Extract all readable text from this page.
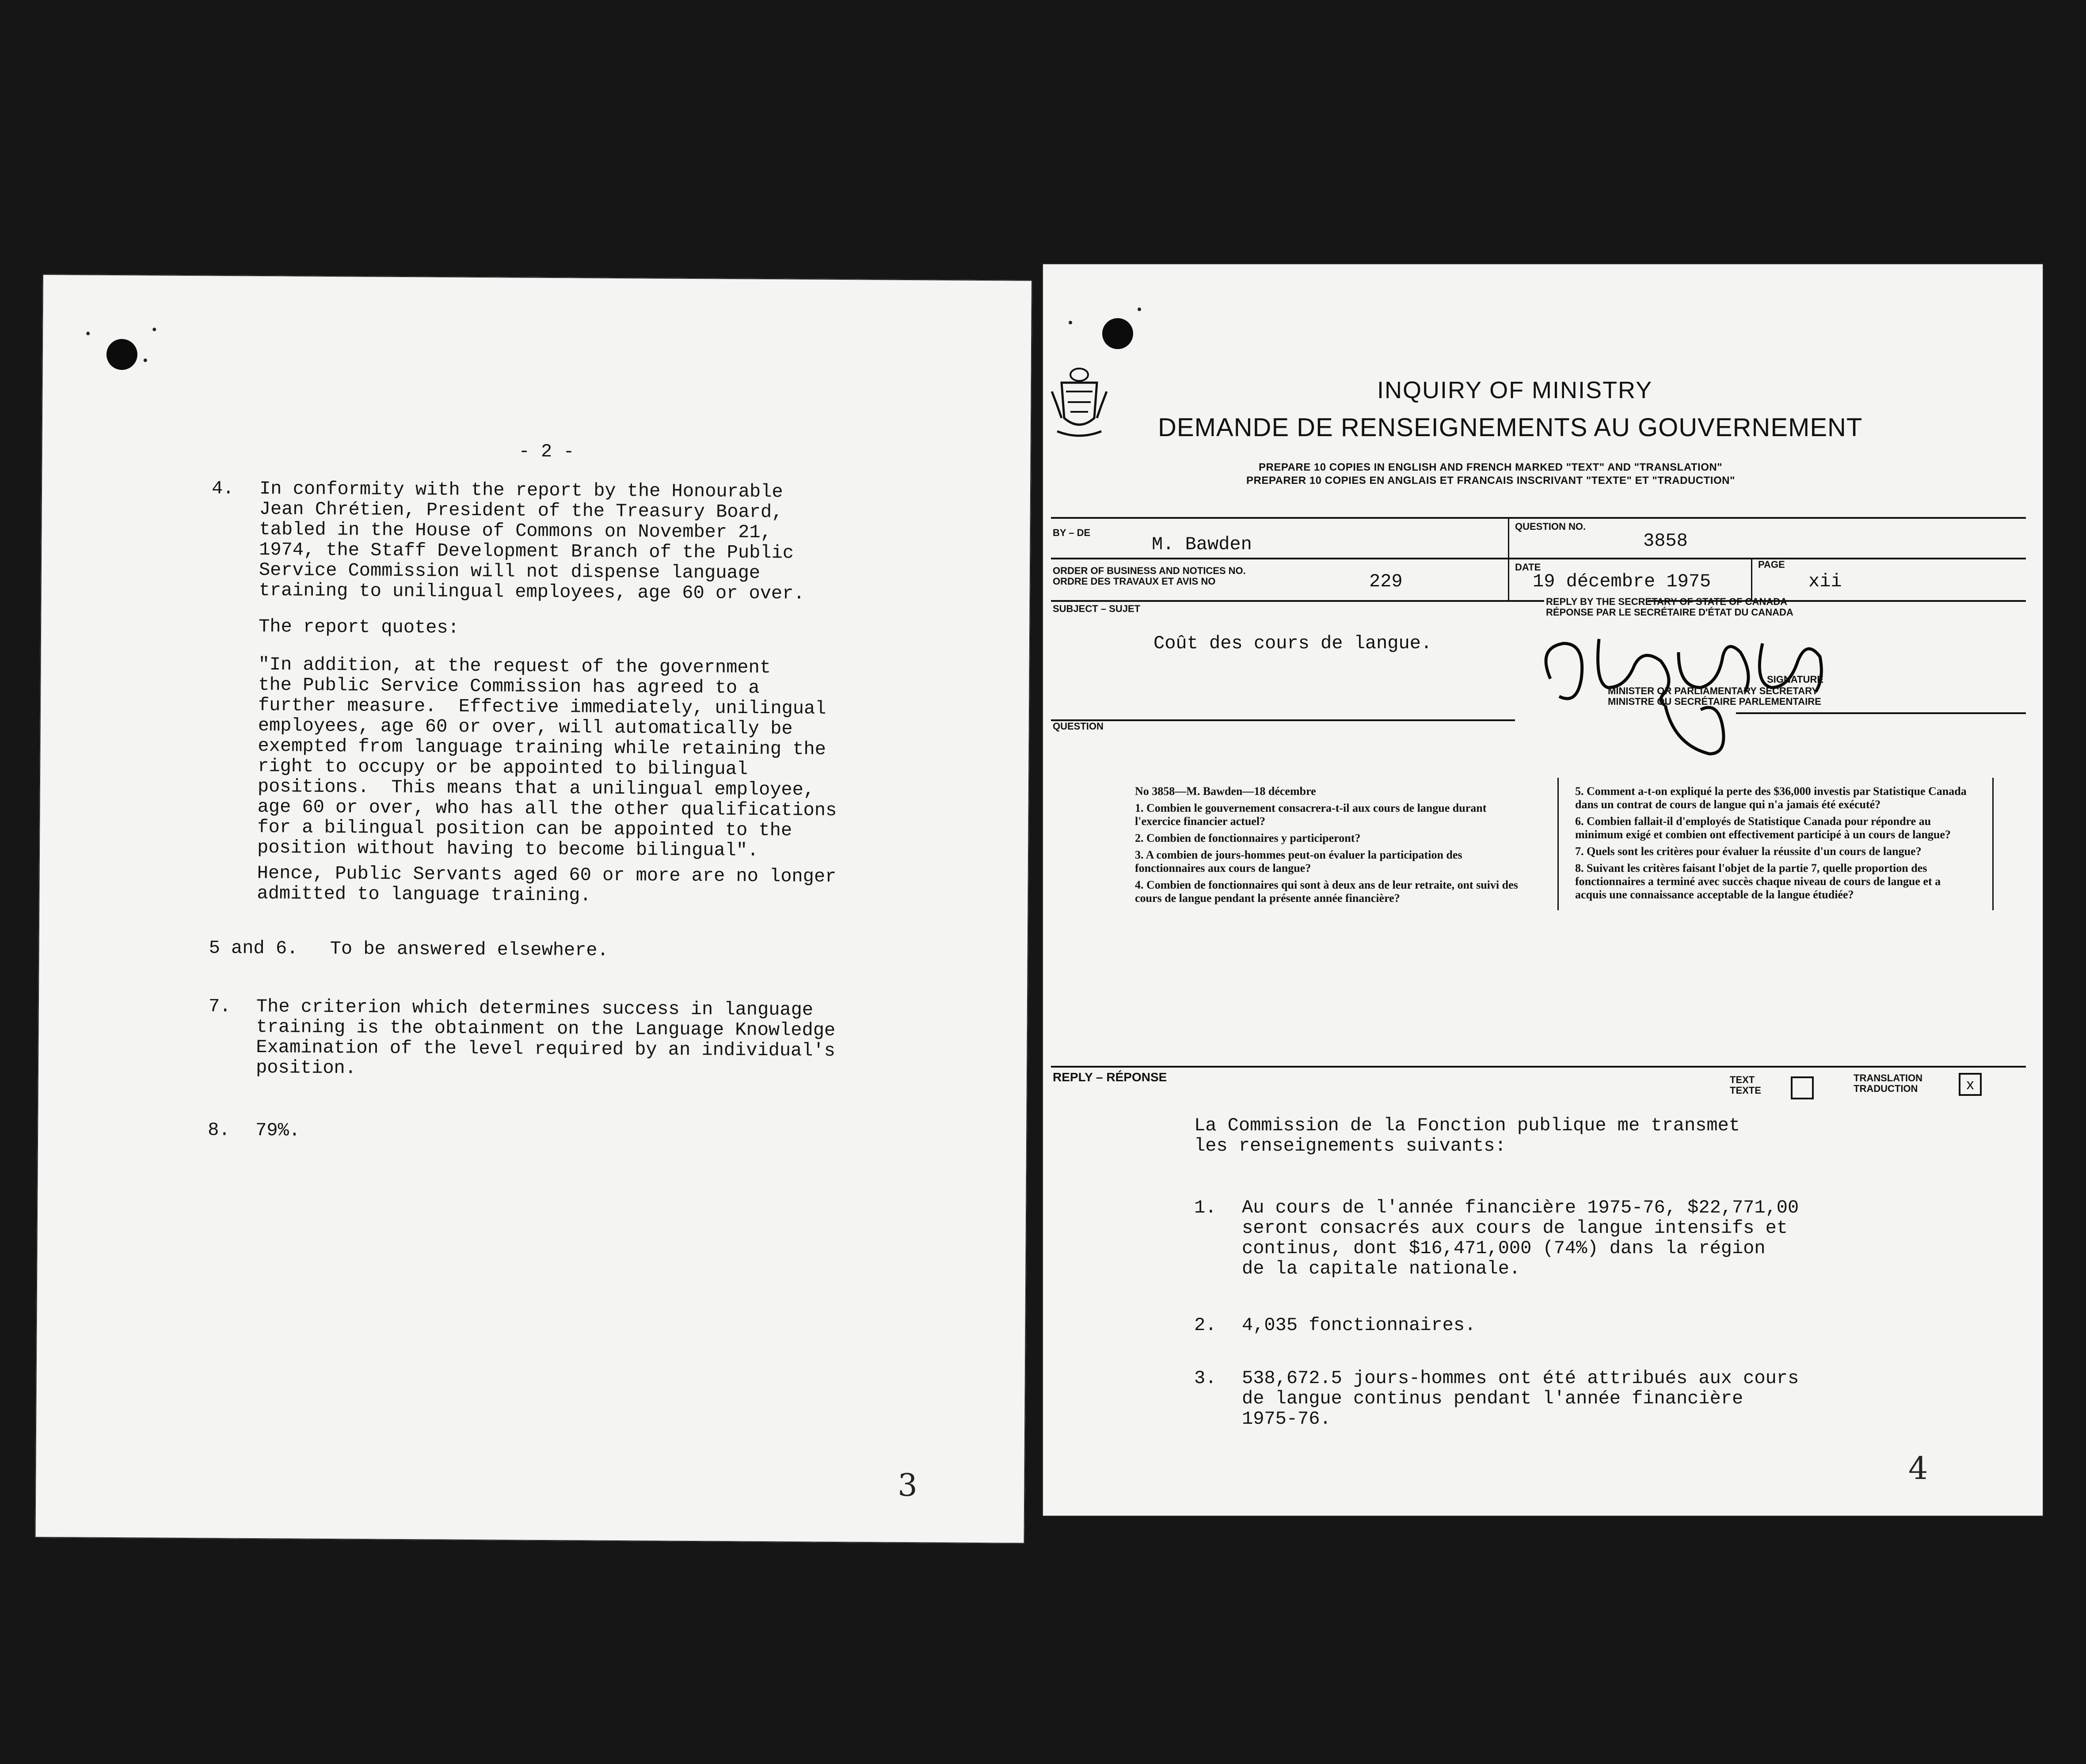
- 2 -
4. In conformity with the report by the Honourable
Jean Chrétien, President of the Treasury Board,
tabled in the House of Commons on November 21,
1974, the Staff Development Branch of the Public
Service Commission will not dispense language
training to unilingual employees, age 60 or over.
The report quotes:
"In addition, at the request of the government
the Public Service Commission has agreed to a
further measure.  Effective immediately, unilingual
employees, age 60 or over, will automatically be
exempted from language training while retaining the
right to occupy or be appointed to bilingual
positions.  This means that a unilingual employee,
age 60 or over, who has all the other qualifications
for a bilingual position can be appointed to the
position without having to become bilingual".
Hence, Public Servants aged 60 or more are no longer
admitted to language training.
5 and 6. To be answered elsewhere.
7. The criterion which determines success in language
training is the obtainment on the Language Knowledge
Examination of the level required by an individual's
position.
8. 79%.
3
INQUIRY OF MINISTRY
DEMANDE DE RENSEIGNEMENTS AU GOUVERNEMENT
PREPARE 10 COPIES IN ENGLISH AND FRENCH MARKED "TEXT" AND "TRANSLATION"
PREPARER 10 COPIES EN ANGLAIS ET FRANCAIS INSCRIVANT "TEXTE" ET "TRADUCTION"
BY – DE
M. Bawden
QUESTION NO.
3858
ORDER OF BUSINESS AND NOTICES NO.
ORDRE DES TRAVAUX ET AVIS NO	229
DATE
19 décembre 1975
PAGE
xii
SUBJECT – SUJET
Coût des cours de langue.
REPLY BY THE SECRETARY OF STATE OF CANADA
RÉPONSE PAR LE SECRÉTAIRE D'ÉTAT DU CANADA
SIGNATURE
MINISTER OR PARLIAMENTARY SECRETARY
MINISTRE OU SECRÉTAIRE PARLEMENTAIRE
QUESTION

No 3858—M. Bawden—18 décembre

1. Combien le gouvernement consacrera-t-il aux cours de langue durant l'exercice financier actuel?

2. Combien de fonctionnaires y participeront?

3. A combien de jours-hommes peut-on évaluer la participation des fonctionnaires aux cours de langue?

4. Combien de fonctionnaires qui sont à deux ans de leur retraite, ont suivi des cours de langue pendant la présente année financière?

5. Comment a-t-on expliqué la perte des $36,000 investis par Statistique Canada dans un contrat de cours de langue qui n'a jamais été exécuté?

6. Combien fallait-il d'employés de Statistique Canada pour répondre au minimum exigé et combien ont effectivement participé à un cours de langue?

7. Quels sont les critères pour évaluer la réussite d'un cours de langue?

8. Suivant les critères faisant l'objet de la partie 7, quelle proportion des fonctionnaires a terminé avec succès chaque niveau de cours de langue et a acquis une connaissance acceptable de la langue étudiée?

REPLY – RÉPONSE	TEXT
TEXTE
TRANSLATION
TRADUCTION	x
La Commission de la Fonction publique me transmet
les renseignements suivants:
1. Au cours de l'année financière 1975-76, $22,771,00
seront consacrés aux cours de langue intensifs et
continus, dont $16,471,000 (74%) dans la région
de la capitale nationale.
2. 4,035 fonctionnaires.
3. 538,672.5 jours-hommes ont été attribués aux cours
de langue continus pendant l'année financière
1975-76.
4
